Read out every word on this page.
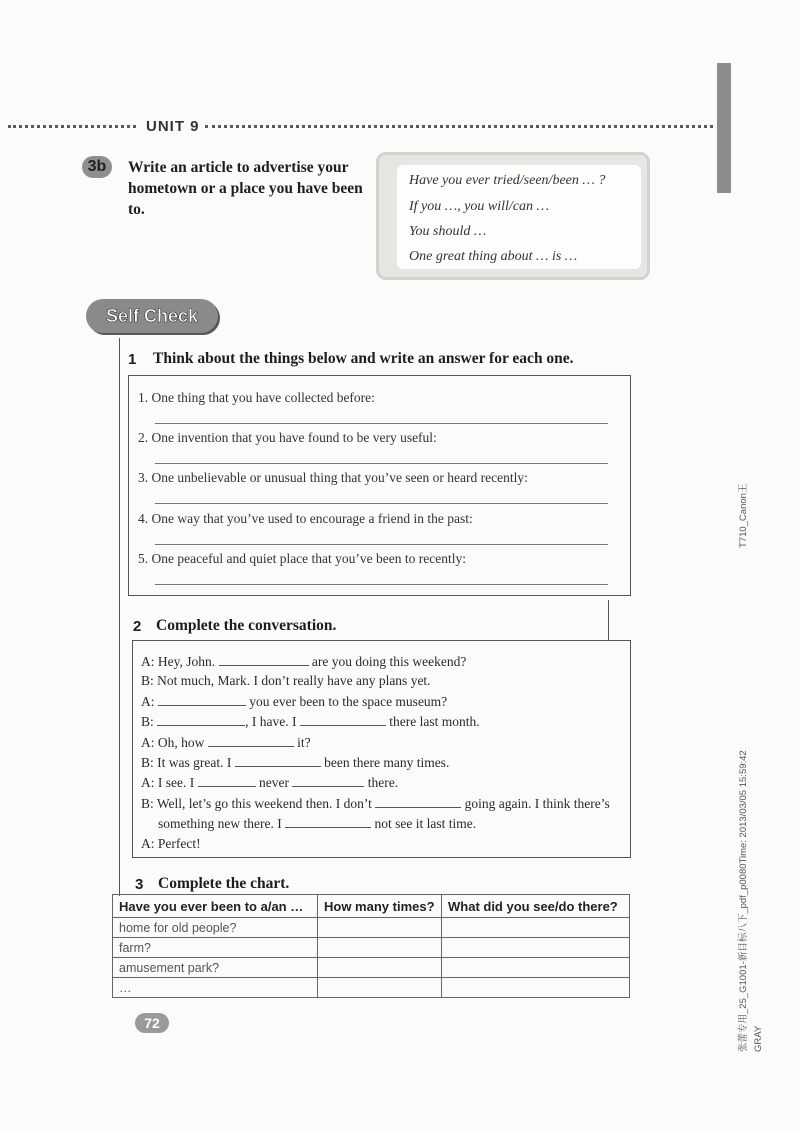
UNIT 9
3b	Write an article to advertise your hometown or a place you have been to.
Have you ever tried/seen/been … ?
If you …, you will/can …
You should …
One great thing about … is …
Self Check
1 Think about the things below and write an answer for each one.
1. One thing that you have collected before:
2. One invention that you have found to be very useful:
3. One unbelievable or unusual thing that you’ve seen or heard recently:
4. One way that you’ve used to encourage a friend in the past:
5. One peaceful and quiet place that you’ve been to recently:
2 Complete the conversation.
A: Hey, John.	are you doing this weekend?
B: Not much, Mark. I don’t really have any plans yet.
A:	you ever been to the space museum?
B:	, I have. I	there last month.
A: Oh, how	it?
B: It was great. I	been there many times.
A: I see. I	never	there.
B: Well, let’s go this weekend then. I don’t	going again. I think there’s
something new there. I	not see it last time.
A: Perfect!
3 Complete the chart.
Have you ever been to a/an …	How many times?	What did you see/do there?
home for old people?		
farm?		
amusement park?		
…		
72
T710_Canon王
张蕾专用_25_G1001-新目标八下_pdf_p0080Time: 2013/03/05 15:59:42 GRAY
